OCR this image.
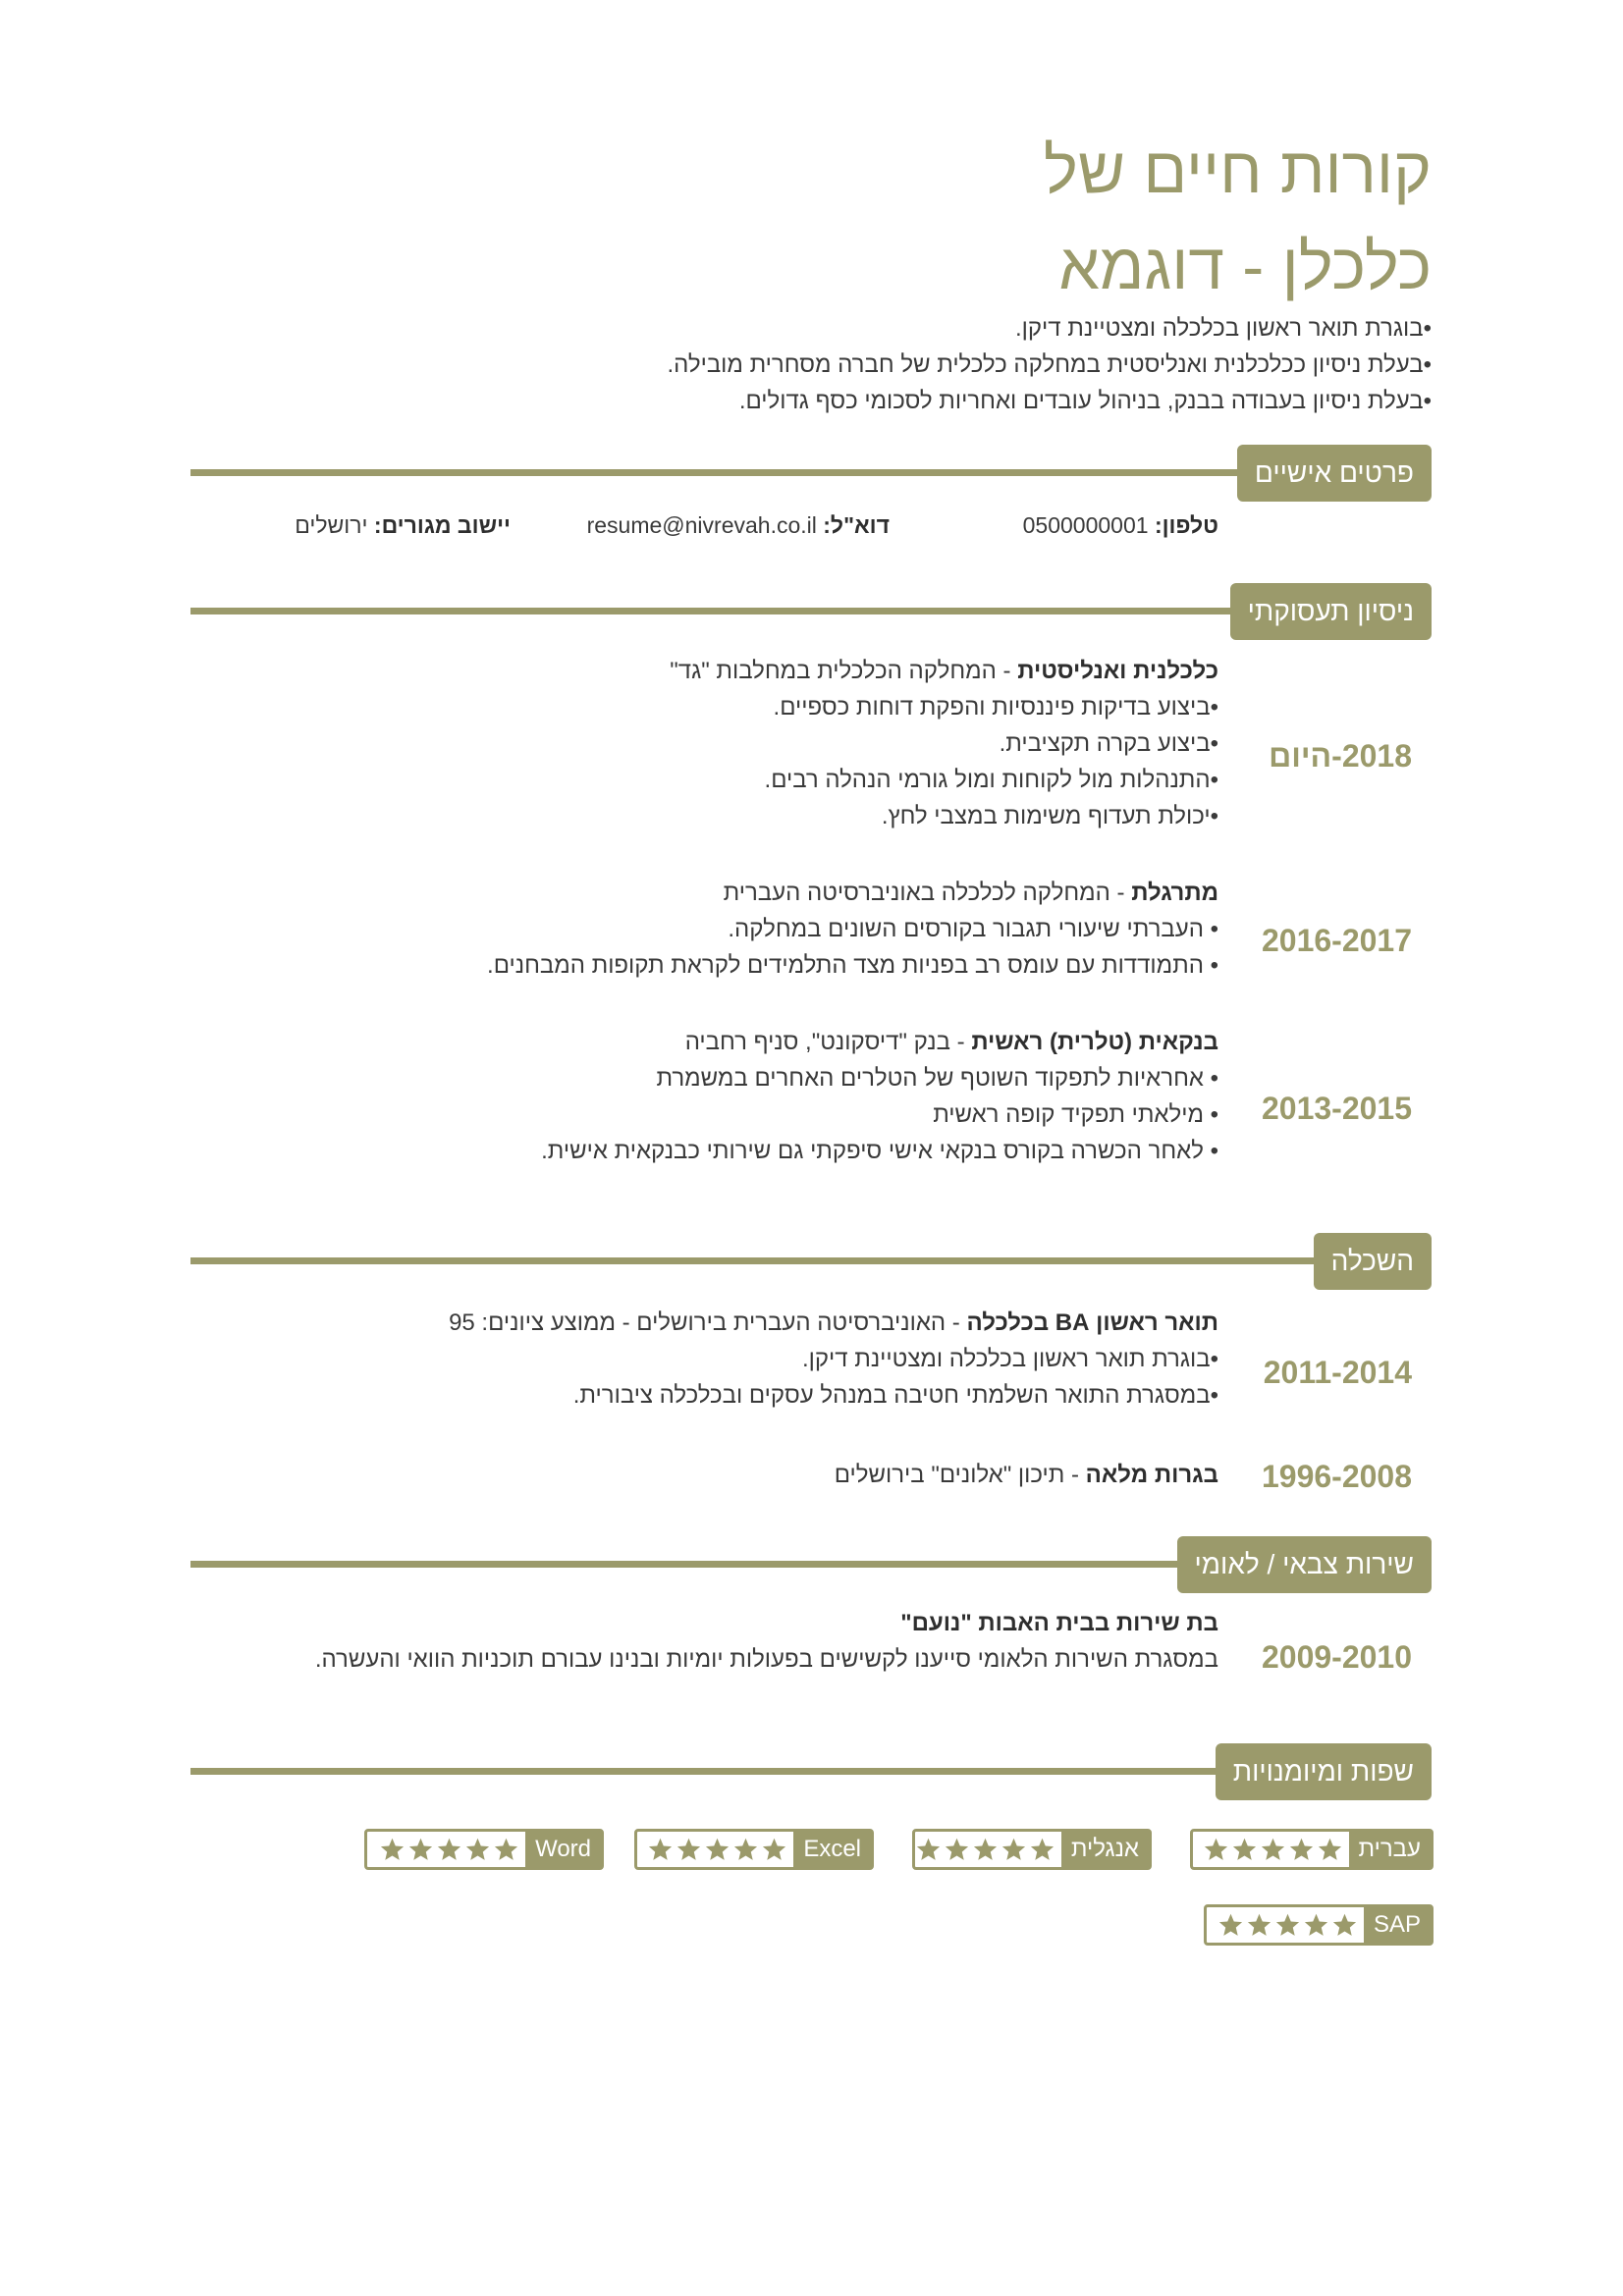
קורות חיים של
כלכלן - דוגמא
•בוגרת תואר ראשון בכלכלה ומצטיינת דיקן.
•בעלת ניסיון ככלכלנית ואנליסטית במחלקה כלכלית של חברה מסחרית מובילה.
•בעלת ניסיון בעבודה בבנק, בניהול עובדים ואחריות לסכומי כסף גדולים.
פרטים אישיים
טלפון: 0500000001
דוא"ל: resume@nivrevah.co.il
יישוב מגורים: ירושלים
ניסיון תעסוקתי
2018-היום
כלכלנית ואנליסטית - המחלקה הכלכלית במחלבות "גד"
•ביצוע בדיקות פיננסיות והפקת דוחות כספיים.
•ביצוע בקרה תקציבית.
•התנהלות מול לקוחות ומול גורמי הנהלה רבים.
•יכולת תעדוף משימות במצבי לחץ.
2016-2017
מתרגלת - המחלקה לכלכלה באוניברסיטה העברית
• העברתי שיעורי תגבור בקורסים השונים במחלקה.
• התמודדות עם עומס רב בפניות מצד התלמידים לקראת תקופות המבחנים.
2013-2015
בנקאית (טלרית) ראשית - בנק "דיסקונט", סניף רחביה
• אחראיות לתפקוד השוטף של הטלרים האחרים במשמרת
• מילאתי תפקיד קופה ראשית
• לאחר הכשרה בקורס בנקאי אישי סיפקתי גם שירותי כבנקאית אישית.
השכלה
2011-2014
תואר ראשון BA בכלכלה - האוניברסיטה העברית בירושלים - ממוצע ציונים: 95
•בוגרת תואר ראשון בכלכלה ומצטיינת דיקן.
•במסגרת התואר השלמתי חטיבה במנהל עסקים ובכלכלה ציבורית.
1996-2008
בגרות מלאה - תיכון "אלונים" בירושלים
שירות צבאי / לאומי
2009-2010
בת שירות בבית האבות "נועם"
במסגרת השירות הלאומי סייענו לקשישים בפעולות יומיות ובנינו עבורם תוכניות הוואי והעשרה.
שפות ומיומנויות
עברית
אנגלית
Excel
Word
SAP
